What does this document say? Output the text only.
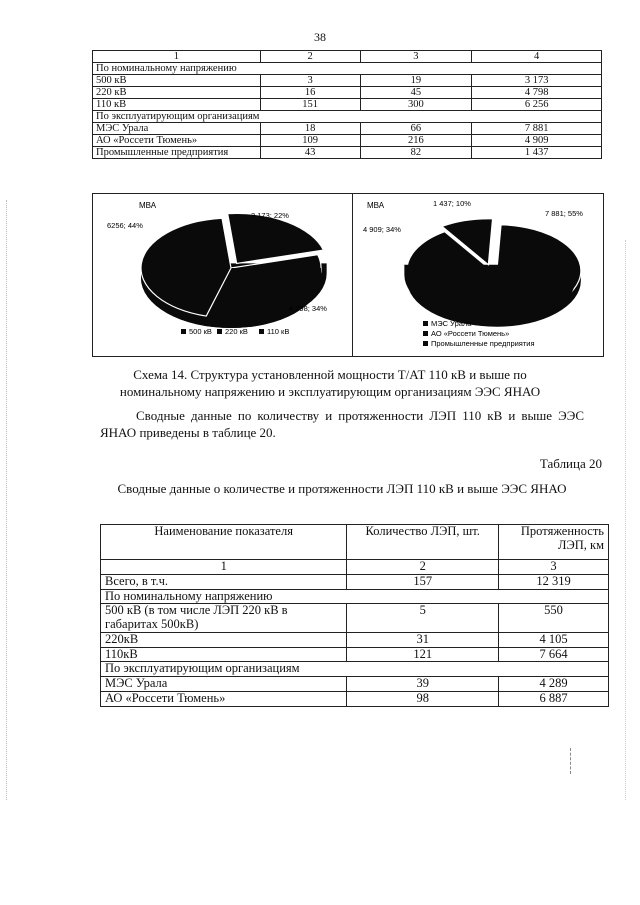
38
1	2	3	4
По номинальному напряжению			
500 кВ	3	19	3 173
220 кВ	16	45	4 798
110 кВ	151	300	6 256
По эксплуатирующим организациям			
МЭС Урала	18	66	7 881
АО «Россети Тюмень»	109	216	4 909
Промышленные предприятия	43	82	1 437
МВА
3 173; 22%
4 798; 34%
6256; 44%
500 кВ 220 кВ	110 кВ
МВА
7 881; 55%
4 909; 34%
1 437; 10%
МЭС Урала
АО «Россети Тюмень»
Промышленные предприятия
Схема 14. Структура установленной мощности Т/АТ 110 кВ и выше по номинальному напряжению и эксплуатирующим организациям ЭЭС ЯНАО
Сводные данные по количеству и протяженности ЛЭП 110 кВ и выше ЭЭС ЯНАО приведены в таблице 20.
Таблица 20
Сводные данные о количестве и протяженности ЛЭП 110 кВ и выше ЭЭС ЯНАО
Наименование показателя	Количество ЛЭП, шт.	Протяженность ЛЭП, км
1	2	3
Всего, в т.ч.	157	12 319
По номинальному напряжению		
500 кВ (в том числе ЛЭП 220 кВ в габаритах 500кВ)	5	550
220кВ	31	4 105
110кВ	121	7 664
По эксплуатирующим организациям		
МЭС Урала	39	4 289
АО «Россети Тюмень»	98	6 887
